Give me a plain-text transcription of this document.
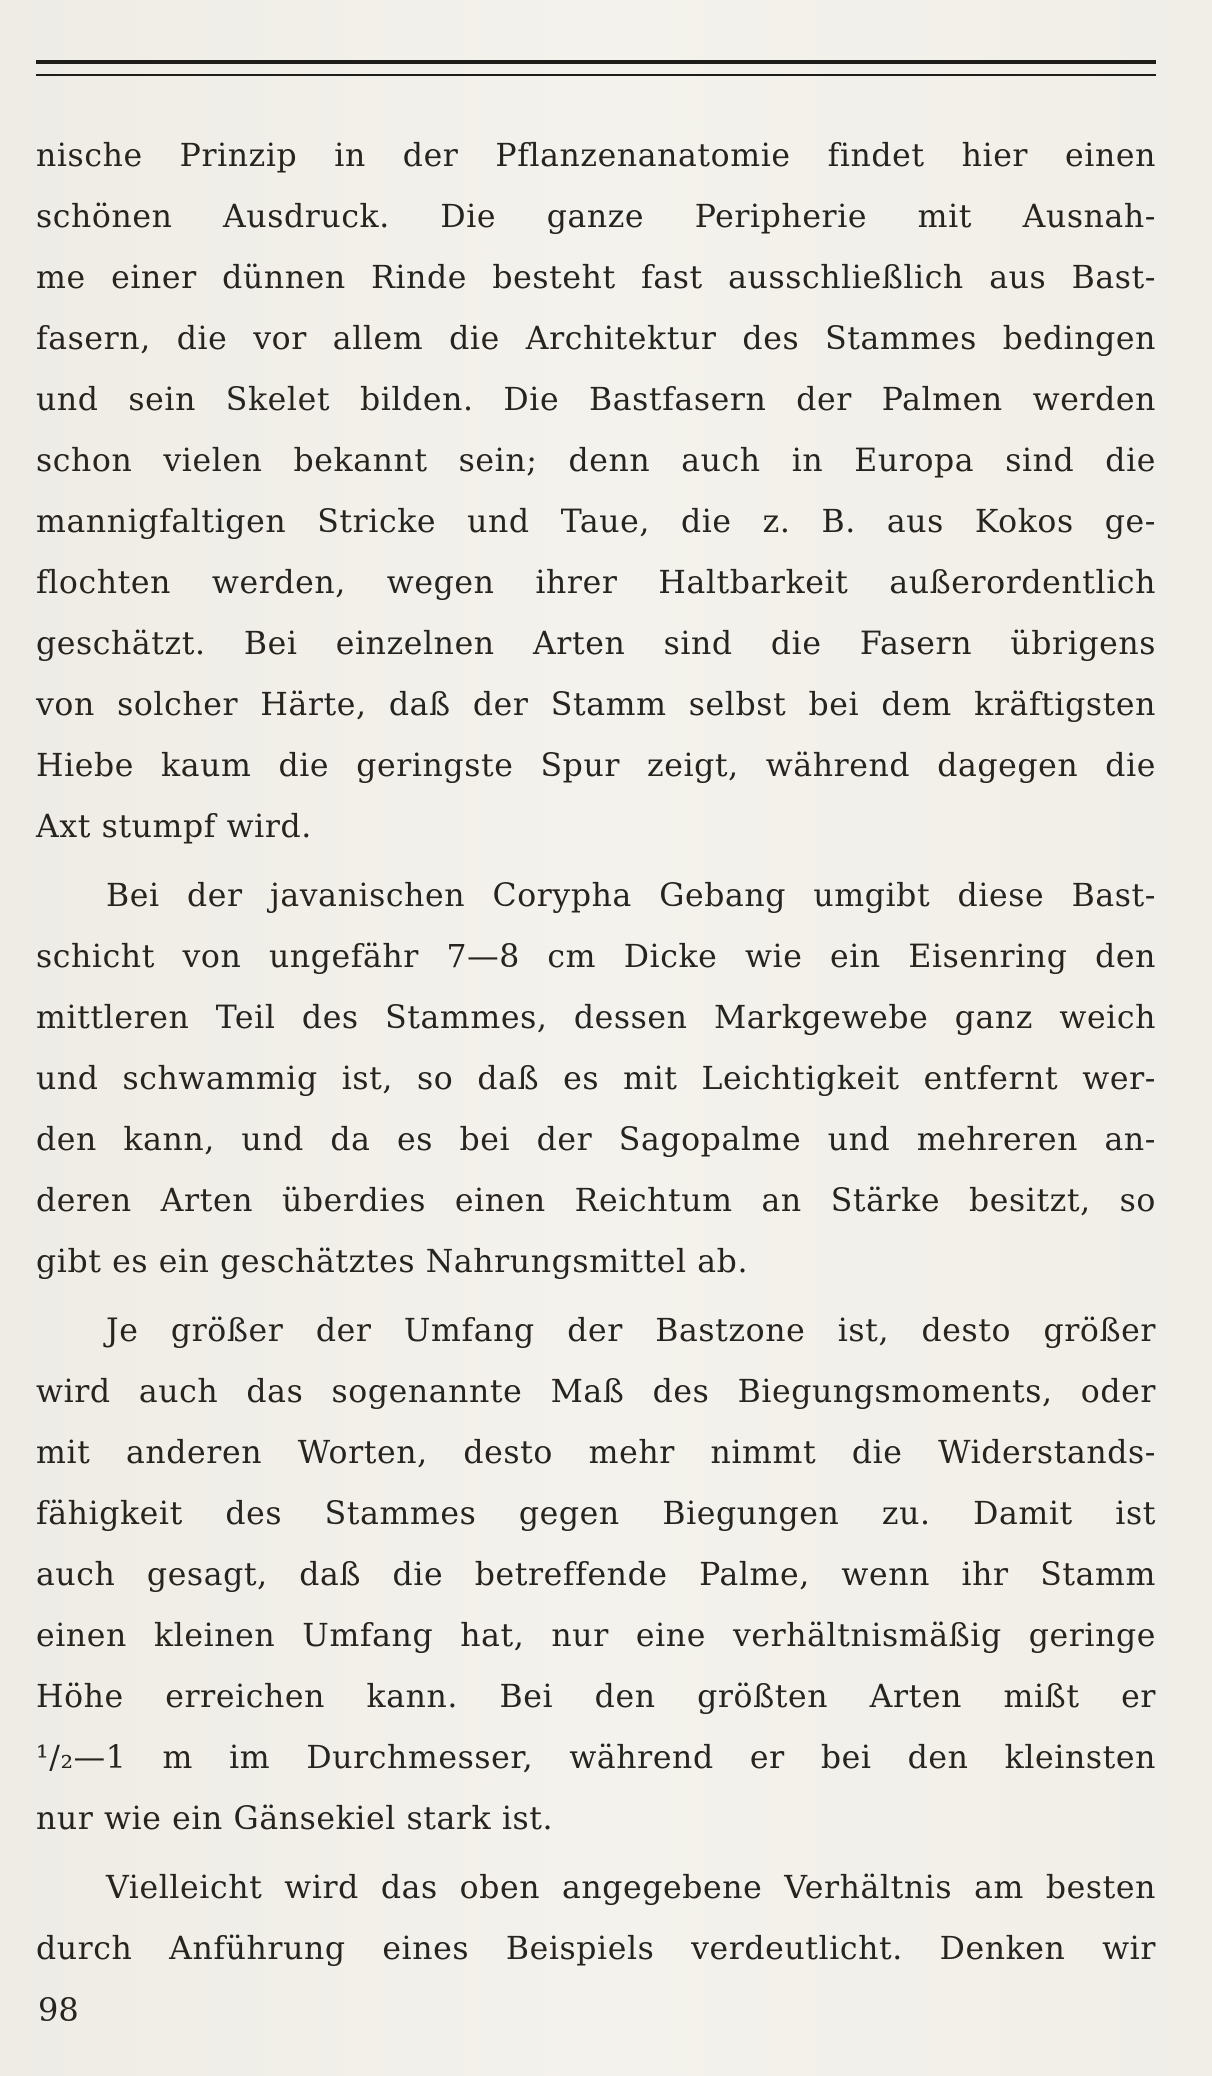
nische Prinzip in der Pflanzenanatomie findet hier einen
schönen Ausdruck. Die ganze Peripherie mit Ausnah-
me einer dünnen Rinde besteht fast ausschließlich aus Bast-
fasern, die vor allem die Architektur des Stammes bedingen
und sein Skelet bilden. Die Bastfasern der Palmen werden
schon vielen bekannt sein; denn auch in Europa sind die
mannigfaltigen Stricke und Taue, die z. B. aus Kokos ge-
flochten werden, wegen ihrer Haltbarkeit außerordentlich
geschätzt. Bei einzelnen Arten sind die Fasern übrigens
von solcher Härte, daß der Stamm selbst bei dem kräftigsten
Hiebe kaum die geringste Spur zeigt, während dagegen die
Axt stumpf wird.
Bei der javanischen Corypha Gebang umgibt diese Bast-
schicht von ungefähr 7—8 cm Dicke wie ein Eisenring den
mittleren Teil des Stammes, dessen Markgewebe ganz weich
und schwammig ist, so daß es mit Leichtigkeit entfernt wer-
den kann, und da es bei der Sagopalme und mehreren an-
deren Arten überdies einen Reichtum an Stärke besitzt, so
gibt es ein geschätztes Nahrungsmittel ab.
Je größer der Umfang der Bastzone ist, desto größer
wird auch das sogenannte Maß des Biegungsmoments, oder
mit anderen Worten, desto mehr nimmt die Widerstands-
fähigkeit des Stammes gegen Biegungen zu. Damit ist
auch gesagt, daß die betreffende Palme, wenn ihr Stamm
einen kleinen Umfang hat, nur eine verhältnismäßig geringe
Höhe erreichen kann. Bei den größten Arten mißt er
¹/₂—1 m im Durchmesser, während er bei den kleinsten
nur wie ein Gänsekiel stark ist.
Vielleicht wird das oben angegebene Verhältnis am besten
durch Anführung eines Beispiels verdeutlicht. Denken wir
98
